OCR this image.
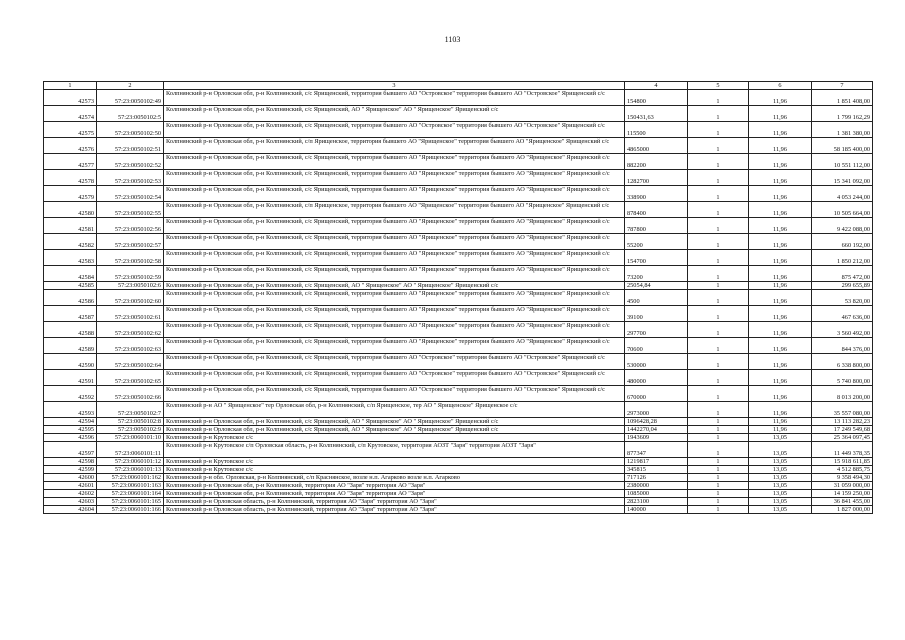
1103
1	2	3	4	5	6	7
42573	57:23:0050102:49	Колпнянский р-н Орловская обл, р-н Колпнянский, с/с Ярищенский, территория бывшего АО "Островское" территория бывшего АО "Островское" Ярищенский с/с	154800	1	11,96	1 851 408,00
42574	57:23:0050102:5	Колпнянский р-н Орловская обл, р-н Колпнянский, с/с Ярищенский, АО " Ярищенское" АО " Ярищенское" Ярищенский с/с	150431,63	1	11,96	1 799 162,29
42575	57:23:0050102:50	Колпнянский р-н Орловская обл, р-н Колпнянский, с/с Ярищенский, территория бывшего АО "Островское" территория бывшего АО "Островское" Ярищенский с/с	115500	1	11,96	1 381 380,00
42576	57:23:0050102:51	Колпнянский р-н Орловская обл, р-н Колпнянский, с/п Ярищенское, территория бывшего АО "Ярищенское" территория бывшего АО "Ярищенское" Ярищенский с/с	4865000	1	11,96	58 185 400,00
42577	57:23:0050102:52	Колпнянский р-н Орловская обл, р-н Колпнянский, с/с Ярищенский, территория бывшего АО "Ярищенское" территория бывшего АО "Ярищенское" Ярищенский с/с	882200	1	11,96	10 551 112,00
42578	57:23:0050102:53	Колпнянский р-н Орловская обл, р-н Колпнянский, с/с Ярищенский, территория бывшего АО "Ярищенское" территория бывшего АО "Ярищенское" Ярищенский с/с	1282700	1	11,96	15 341 092,00
42579	57:23:0050102:54	Колпнянский р-н Орловская обл, р-н Колпнянский, с/с Ярищенский, территория бывшего АО "Ярищенское" территория бывшего АО "Ярищенское" Ярищенский с/с	338900	1	11,96	4 053 244,00
42580	57:23:0050102:55	Колпнянский р-н Орловская обл, р-н Колпнянский, с/п Ярищенское, территория бывшего АО "Ярищенское" территория бывшего АО "Ярищенское" Ярищенский с/с	878400	1	11,96	10 505 664,00
42581	57:23:0050102:56	Колпнянский р-н Орловская обл, р-н Колпнянский, с/с Ярищенский, территория бывшего АО "Ярищенское" территория бывшего АО "Ярищенское" Ярищенский с/с	787800	1	11,96	9 422 088,00
42582	57:23:0050102:57	Колпнянский р-н Орловская обл, р-н Колпнянский, с/с Ярищенский, территория бывшего АО "Ярищенское" территория бывшего АО "Ярищенское" Ярищенский с/с	55200	1	11,96	660 192,00
42583	57:23:0050102:58	Колпнянский р-н Орловская обл, р-н Колпнянский, с/с Ярищенский, территория бывшего АО "Ярищенское" территория бывшего АО "Ярищенское" Ярищенский с/с	154700	1	11,96	1 850 212,00
42584	57:23:0050102:59	Колпнянский р-н Орловская обл, р-н Колпнянский, с/с Ярищенский, территория бывшего АО "Ярищенское" территория бывшего АО "Ярищенское" Ярищенский с/с	73200	1	11,96	875 472,00
42585	57:23:0050102:6	Колпнянский р-н Орловская обл, р-н Колпнянский, с/с Ярищенский, АО " Ярищенское" АО " Ярищенское" Ярищенский с/с	25054,84	1	11,96	299 655,89
42586	57:23:0050102:60	Колпнянский р-н Орловская обл, р-н Колпнянский, с/с Ярищенский, территория бывшего АО "Ярищенское" территория бывшего АО "Ярищенское" Ярищенский с/с	4500	1	11,96	53 820,00
42587	57:23:0050102:61	Колпнянский р-н Орловская обл, р-н Колпнянский, с/с Ярищенский, территория бывшего АО "Ярищенское" территория бывшего АО "Ярищенское" Ярищенский с/с	39100	1	11,96	467 636,00
42588	57:23:0050102:62	Колпнянский р-н Орловская обл, р-н Колпнянский, с/с Ярищенский, территория бывшего АО "Ярищенское" территория бывшего АО "Ярищенское" Ярищенский с/с	297700	1	11,96	3 560 492,00
42589	57:23:0050102:63	Колпнянский р-н Орловская обл, р-н Колпнянский, с/с Ярищенский, территория бывшего АО "Ярищенское" территория бывшего АО "Ярищенское" Ярищенский с/с	70600	1	11,96	844 376,00
42590	57:23:0050102:64	Колпнянский р-н Орловская обл, р-н Колпнянский, с/с Ярищенский, территория бывшего АО "Островское" территория бывшего АО "Островское" Ярищенский с/с	530000	1	11,96	6 338 800,00
42591	57:23:0050102:65	Колпнянский р-н Орловская обл, р-н Колпнянский, с/с Ярищенский, территория бывшего АО "Островское" территория бывшего АО "Островское" Ярищенский с/с	480000	1	11,96	5 740 800,00
42592	57:23:0050102:66	Колпнянский р-н Орловская обл, р-н Колпнянский, с/с Ярищенский, территория бывшего АО "Островское" территория бывшего АО "Островское" Ярищенский с/с	670000	1	11,96	8 013 200,00
42593	57:23:0050102:7	Колпнянский р-н АО " Ярищенское" тер Орловская обл, р-н Колпнянский, с/п Ярищенское, тер АО " Ярищенское" Ярищенское с/с	2973000	1	11,96	35 557 080,00
42594	57:23:0050102:8	Колпнянский р-н Орловская обл, р-н Колпнянский, с/с Ярищенский, АО " Ярищенское" АО " Ярищенское" Ярищенский с/с	1096428,28	1	11,96	13 113 282,23
42595	57:23:0050102:9	Колпнянский р-н Орловская обл, р-н Колпнянский, с/с Ярищенский, АО " Ярищенское" АО " Ярищенское" Ярищенский с/с	1442270,04	1	11,96	17 249 549,68
42596	57:23:0060101:10	Колпнянский р-н Крутовское с/с	1943609	1	13,05	25 364 097,45
42597	57:23:0060101:11	Колпнянский р-н Крутовское с/п Орловская область, р-н Колпнянский, с/п Крутовское, территория АОЗТ "Заря" территория АОЗТ "Заря"	877347	1	13,05	11 449 378,35
42598	57:23:0060101:12	Колпнянский р-н Крутовское с/с	1219817	1	13,05	15 918 611,85
42599	57:23:0060101:13	Колпнянский р-н Крутовское с/с	345815	1	13,05	4 512 885,75
42600	57:23:0060101:162	Колпнянский р-н обл. Орловская, р-н Колпнянский, с/п Краснянское, возле н.п. Агарково возле н.п. Агарково	717126	1	13,05	9 358 494,30
42601	57:23:0060101:163	Колпнянский р-н Орловская обл, р-н Колпнянский, территория АО "Заря" территория АО "Заря"	2380000	1	13,05	31 059 000,00
42602	57:23:0060101:164	Колпнянский р-н Орловская обл, р-н Колпнянский, территория АО "Заря" территория АО "Заря"	1085000	1	13,05	14 159 250,00
42603	57:23:0060101:165	Колпнянский р-н Орловская область, р-н Колпнянский, территория АО "Заря" территория АО "Заря"	2823100	1	13,05	36 841 455,00
42604	57:23:0060101:166	Колпнянский р-н Орловская область, р-н Колпнянский, территория АО "Заря" территория АО "Заря"	140000	1	13,05	1 827 000,00
